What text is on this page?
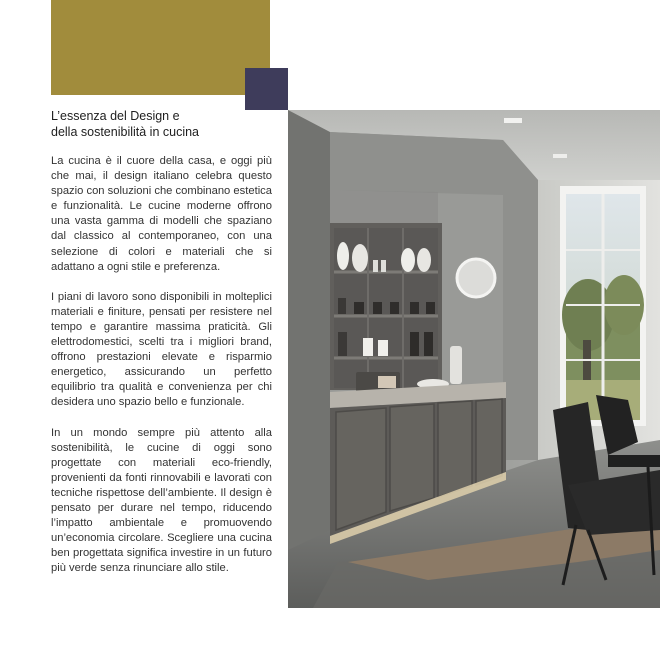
L’essenza del Design e
della sostenibilità in cucina

La cucina è il cuore della casa, e oggi più che mai, il design italiano celebra questo spazio con soluzioni che combinano estetica e funzionalità. Le cucine moderne offrono una vasta gamma di modelli che spaziano dal classico al contemporaneo, con una selezione di colori e materiali che si adattano a ogni stile e preferenza.

I piani di lavoro sono disponibili in molteplici materiali e finiture, pensati per resistere nel tempo e garantire massima praticità. Gli elettrodomestici, scelti tra i migliori brand, offrono prestazioni elevate e risparmio energetico, assicurando un perfetto equilibrio tra qualità e convenienza per chi desidera uno spazio bello e funzionale.

In un mondo sempre più attento alla sostenibilità, le cucine di oggi sono progettate con materiali eco-friendly, provenienti da fonti rinnovabili e lavorati con tecniche rispettose dell’ambiente. Il design è pensato per durare nel tempo, riducendo l’impatto ambientale e promuovendo un’economia circolare. Scegliere una cucina ben progettata significa investire in un futuro più verde senza rinunciare allo stile.
